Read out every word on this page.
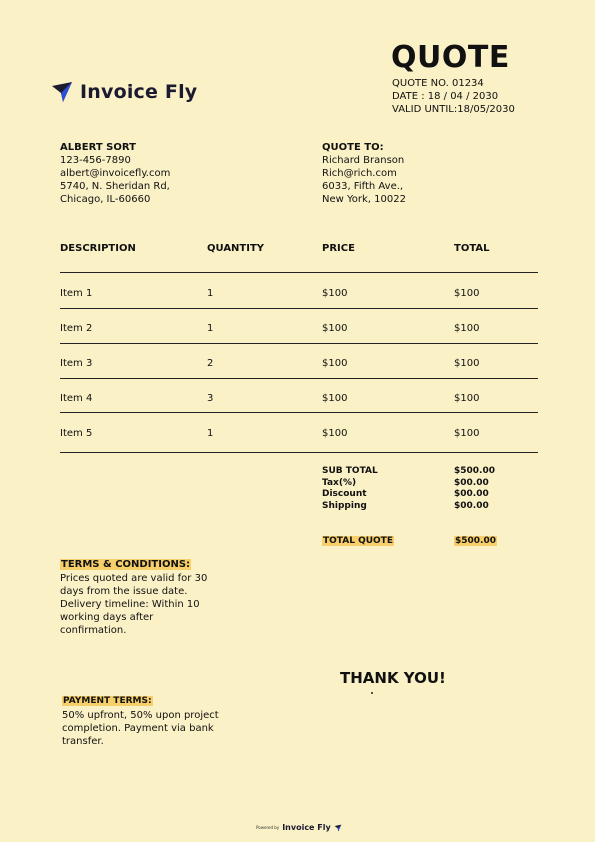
Invoice Fly
QUOTE
QUOTE NO. 01234
DATE : 18 / 04 / 2030
VALID UNTIL:18/05/2030
ALBERT SORT
123-456-7890
albert@invoicefly.com
5740, N. Sheridan Rd,
Chicago, IL-60660
QUOTE TO:
Richard Branson
Rich@rich.com
6033, Fifth Ave.,
New York, 10022
DESCRIPTION	QUANTITY	PRICE	TOTAL
Item 1	1	$100	$100
Item 2	1	$100	$100
Item 3	2	$100	$100
Item 4	3	$100	$100
Item 5	1	$100	$100
SUB TOTAL	$500.00
Tax(%)	$00.00
Discount	$00.00
Shipping	$00.00
TOTAL QUOTE	$500.00
TERMS & CONDITIONS:
Prices quoted are valid for 30 days from the issue date. Delivery timeline: Within 10 working days after confirmation.
THANK YOU!
PAYMENT TERMS:
50% upfront, 50% upon project completion. Payment via bank transfer.
Powered by Invoice Fly
